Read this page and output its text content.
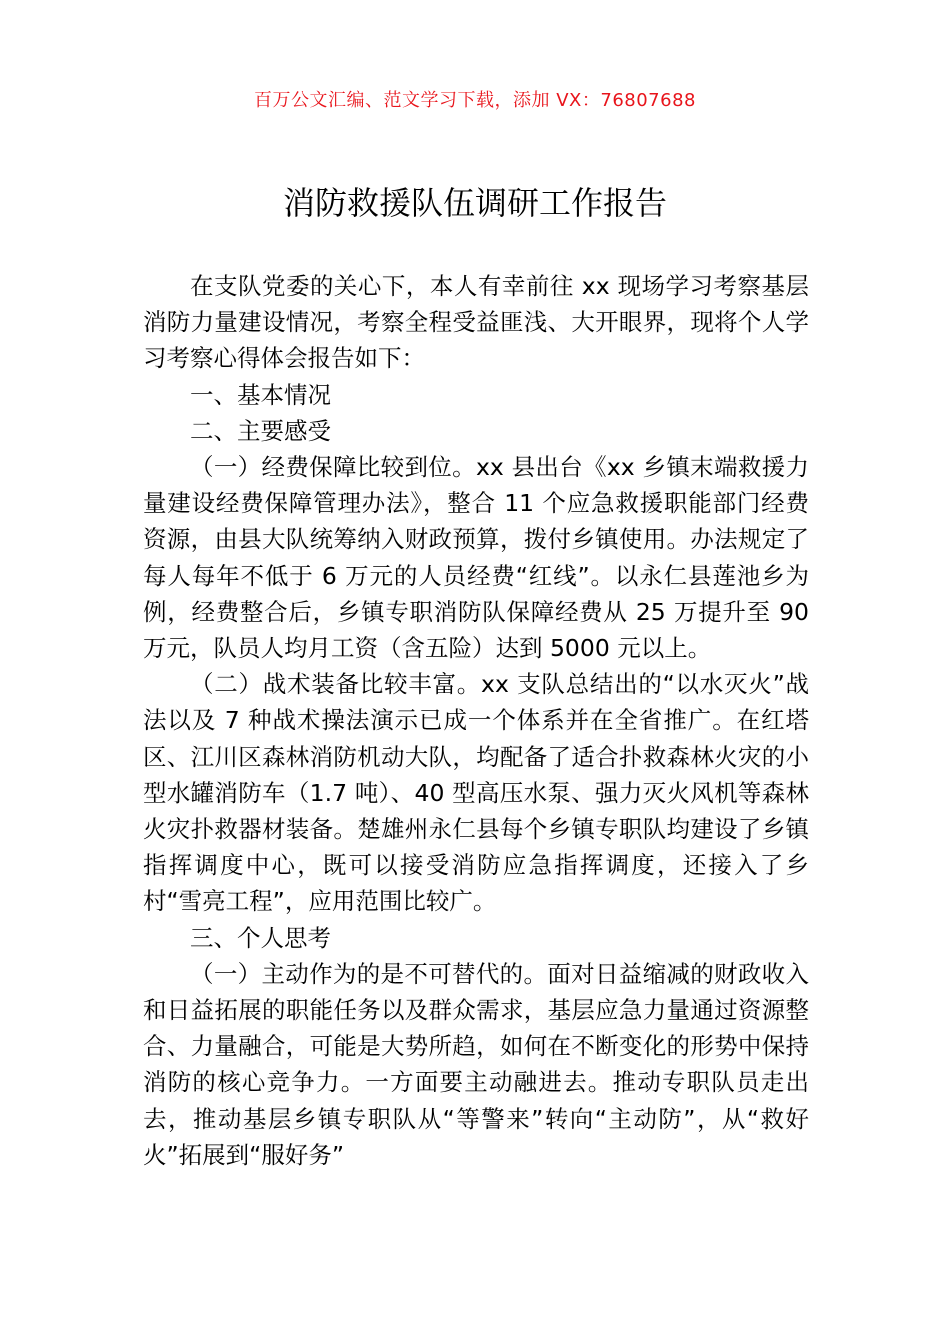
百万公文汇编、范文学习下载，添加 VX：76807688
消防救援队伍调研工作报告

在支队党委的关心下，本人有幸前往 xx 现场学习考察基层消防力量建设情况，考察全程受益匪浅、大开眼界，现将个人学习考察心得体会报告如下：

一、基本情况

二、主要感受

（一）经费保障比较到位。xx 县出台《xx 乡镇末端救援力量建设经费保障管理办法》，整合 11 个应急救援职能部门经费资源，由县大队统筹纳入财政预算，拨付乡镇使用。办法规定了每人每年不低于 6 万元的人员经费“红线”。以永仁县莲池乡为例，经费整合后，乡镇专职消防队保障经费从 25 万提升至 90 万元，队员人均月工资（含五险）达到 5000 元以上。

（二）战术装备比较丰富。xx 支队总结出的“以水灭火”战法以及 7 种战术操法演示已成一个体系并在全省推广。在红塔区、江川区森林消防机动大队，均配备了适合扑救森林火灾的小型水罐消防车（1.7 吨）、40 型高压水泵、强力灭火风机等森林火灾扑救器材装备。楚雄州永仁县每个乡镇专职队均建设了乡镇指挥调度中心，既可以接受消防应急指挥调度，还接入了乡村“雪亮工程”，应用范围比较广。

三、个人思考

（一）主动作为的是不可替代的。面对日益缩减的财政收入和日益拓展的职能任务以及群众需求，基层应急力量通过资源整合、力量融合，可能是大势所趋，如何在不断变化的形势中保持消防的核心竞争力。一方面要主动融进去。推动专职队员走出去，推动基层乡镇专职队从“等警来”转向“主动防”，从“救好火”拓展到“服好务”
